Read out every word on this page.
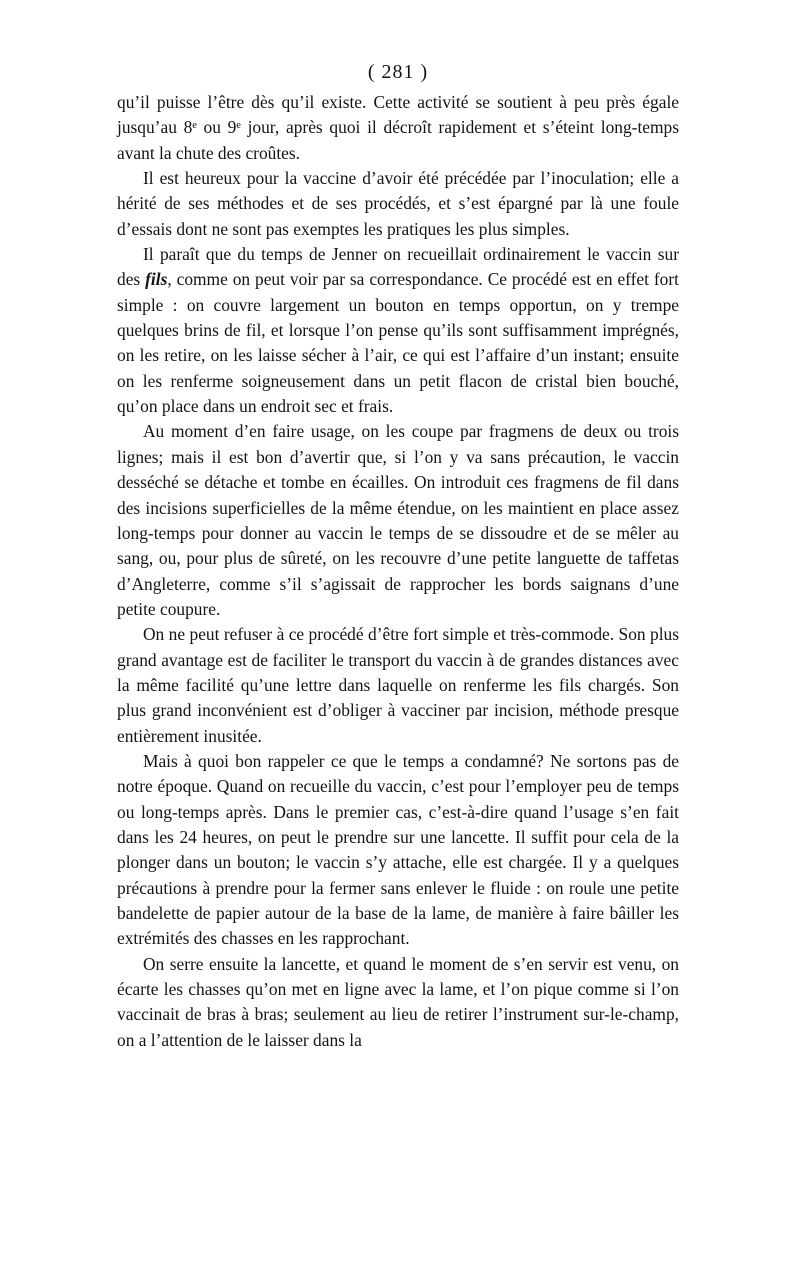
( 281 )

qu’il puisse l’être dès qu’il existe. Cette activité se soutient à peu près égale jusqu’au 8ᵉ ou 9ᵉ jour, après quoi il décroît rapidement et s’éteint long-temps avant la chute des croûtes.

Il est heureux pour la vaccine d’avoir été précédée par l’inoculation; elle a hérité de ses méthodes et de ses procédés, et s’est épargné par là une foule d’essais dont ne sont pas exemptes les pratiques les plus simples.

Il paraît que du temps de Jenner on recueillait ordinairement le vaccin sur des fils, comme on peut voir par sa correspondance. Ce procédé est en effet fort simple : on couvre largement un bouton en temps opportun, on y trempe quelques brins de fil, et lorsque l’on pense qu’ils sont suffisamment imprégnés, on les retire, on les laisse sécher à l’air, ce qui est l’affaire d’un instant; ensuite on les renferme soigneusement dans un petit flacon de cristal bien bouché, qu’on place dans un endroit sec et frais.

Au moment d’en faire usage, on les coupe par fragmens de deux ou trois lignes; mais il est bon d’avertir que, si l’on y va sans précaution, le vaccin desséché se détache et tombe en écailles. On introduit ces fragmens de fil dans des incisions superficielles de la même étendue, on les maintient en place assez long-temps pour donner au vaccin le temps de se dissoudre et de se mêler au sang, ou, pour plus de sûreté, on les recouvre d’une petite languette de taffetas d’Angleterre, comme s’il s’agissait de rapprocher les bords saignans d’une petite coupure.

On ne peut refuser à ce procédé d’être fort simple et très-commode. Son plus grand avantage est de faciliter le transport du vaccin à de grandes distances avec la même facilité qu’une lettre dans laquelle on renferme les fils chargés. Son plus grand inconvénient est d’obliger à vacciner par incision, méthode presque entièrement inusitée.

Mais à quoi bon rappeler ce que le temps a condamné? Ne sortons pas de notre époque. Quand on recueille du vaccin, c’est pour l’employer peu de temps ou long-temps après. Dans le premier cas, c’est-à-dire quand l’usage s’en fait dans les 24 heures, on peut le prendre sur une lancette. Il suffit pour cela de la plonger dans un bouton; le vaccin s’y attache, elle est chargée. Il y a quelques précautions à prendre pour la fermer sans enlever le fluide : on roule une petite bandelette de papier autour de la base de la lame, de manière à faire bâiller les extrémités des chasses en les rapprochant.

On serre ensuite la lancette, et quand le moment de s’en servir est venu, on écarte les chasses qu’on met en ligne avec la lame, et l’on pique comme si l’on vaccinait de bras à bras; seulement au lieu de retirer l’instrument sur-le-champ, on a l’attention de le laisser dans la
